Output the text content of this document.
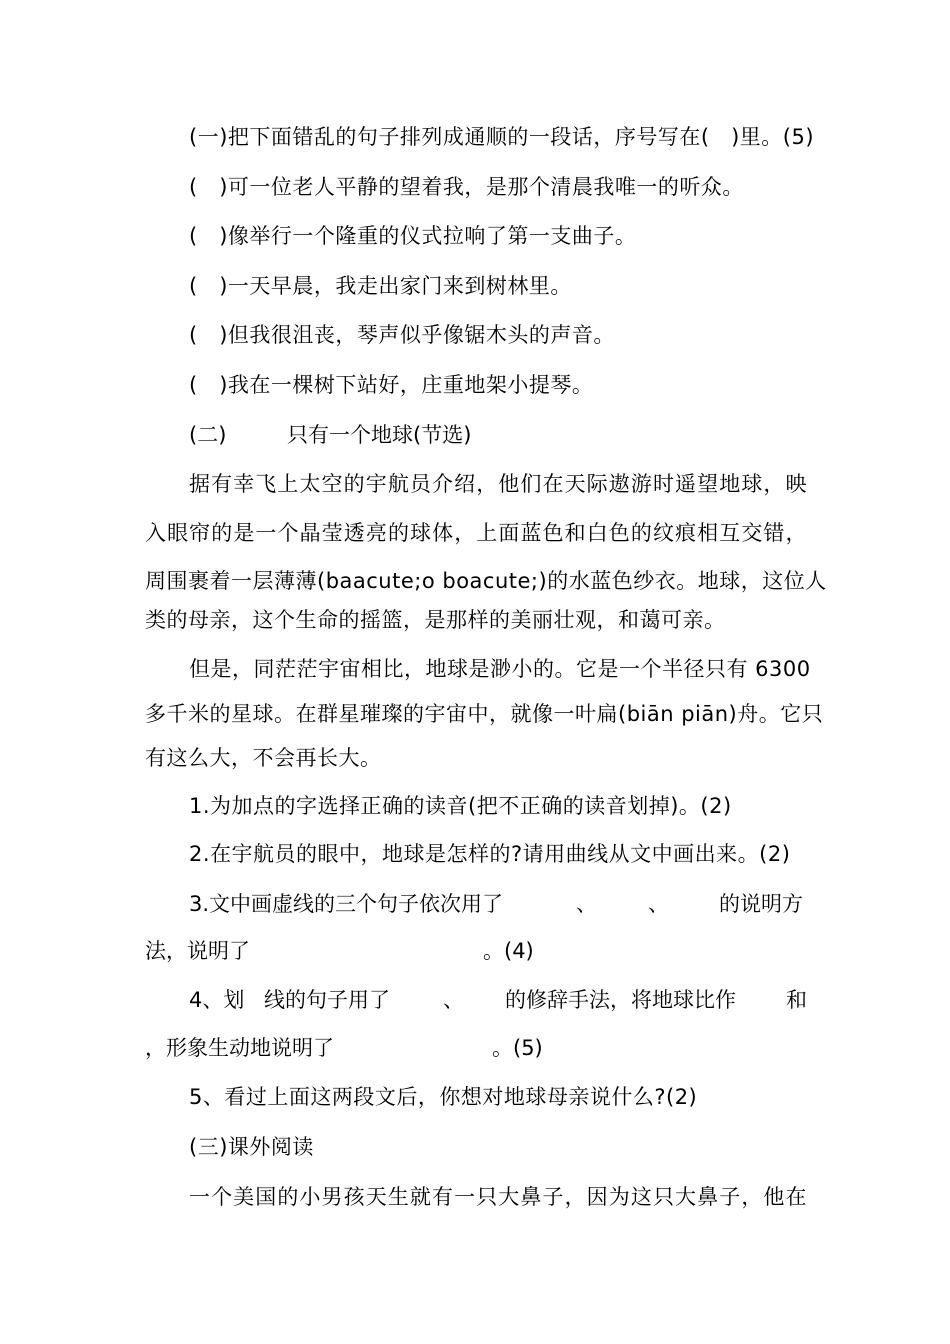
(一)把下面错乱的句子排列成通顺的一段话，序号写在(　)里。(5)
(　)可一位老人平静的望着我，是那个清晨我唯一的听众。
(　)像举行一个隆重的仪式拉响了第一支曲子。
(　)一天早晨，我走出家门来到树林里。
(　)但我很沮丧，琴声似乎像锯木头的声音。
(　)我在一棵树下站好，庄重地架小提琴。
(二)	只有一个地球(节选)
据有幸飞上太空的宇航员介绍，他们在天际遨游时遥望地球，映
入眼帘的是一个晶莹透亮的球体，上面蓝色和白色的纹痕相互交错，
周围裹着一层薄薄(baacute;o boacute;)的水蓝色纱衣。地球，这位人
类的母亲，这个生命的摇篮，是那样的美丽壮观，和蔼可亲。
但是，同茫茫宇宙相比，地球是渺小的。它是一个半径只有 6300
多千米的星球。在群星璀璨的宇宙中，就像一叶扁(biān piān)舟。它只
有这么大，不会再长大。
1.为加点的字选择正确的读音(把不正确的读音划掉)。(2)
2.在宇航员的眼中，地球是怎样的?请用曲线从文中画出来。(2)
3.文中画虚线的三个句子依次用了	、 、 的说明方
法，说明了	。(4)
4、划 线的句子用了	、 的修辞手法，将地球比作 和
，形象生动地说明了	。(5)
5、看过上面这两段文后，你想对地球母亲说什么?(2)
(三)课外阅读
一个美国的小男孩天生就有一只大鼻子，因为这只大鼻子，他在
